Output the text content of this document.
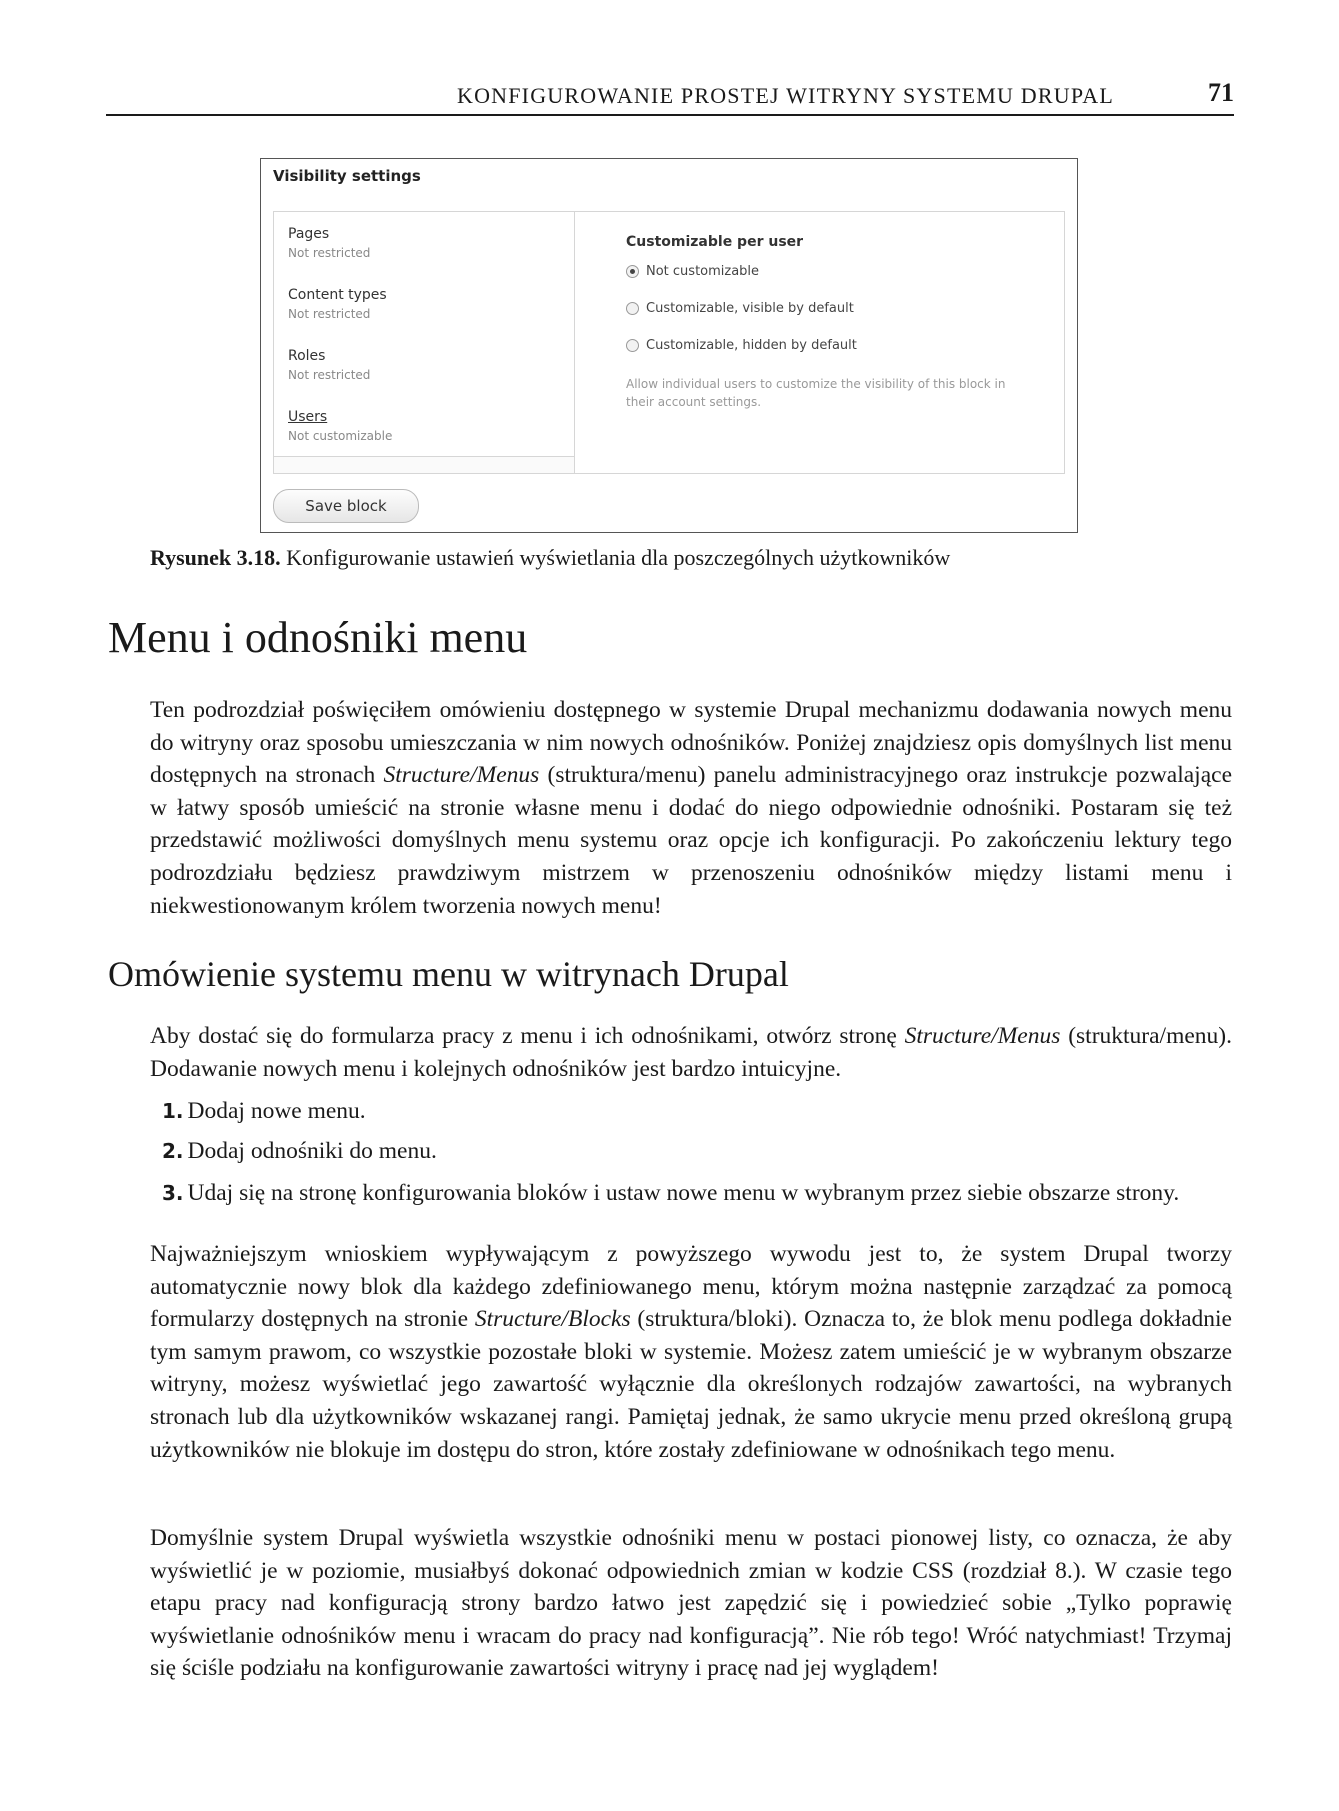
KONFIGUROWANIE PROSTEJ WITRYNY SYSTEMU DRUPAL	71
Visibility settings
Pages
Not restricted
Content types
Not restricted
Roles
Not restricted
Users
Not customizable
Customizable per user
Not customizable
Customizable, visible by default
Customizable, hidden by default
Allow individual users to customize the visibility of this block in their account settings.
Save block
Rysunek 3.18. Konfigurowanie ustawień wyświetlania dla poszczególnych użytkowników
Menu i odnośniki menu

Ten podrozdział poświęciłem omówieniu dostępnego w systemie Drupal mechanizmu dodawania nowych menu do witryny oraz sposobu umieszczania w nim nowych odnośników. Poniżej znajdziesz opis domyślnych list menu dostępnych na stronach Structure/Menus (struktura/menu) panelu administracyjnego oraz instrukcje pozwalające w łatwy sposób umieścić na stronie własne menu i dodać do niego odpowiednie odnośniki. Postaram się też przedstawić możliwości domyślnych menu systemu oraz opcje ich konfiguracji. Po zakończeniu lektury tego podrozdziału będziesz prawdziwym mistrzem w przenoszeniu odnośników między listami menu i niekwestionowanym królem tworzenia nowych menu!

Omówienie systemu menu w witrynach Drupal

Aby dostać się do formularza pracy z menu i ich odnośnikami, otwórz stronę Structure/Menus (struktura/menu). Dodawanie nowych menu i kolejnych odnośników jest bardzo intuicyjne.

1. Dodaj nowe menu.
2. Dodaj odnośniki do menu.
3. Udaj się na stronę konfigurowania bloków i ustaw nowe menu w wybranym przez siebie obszarze strony.

Najważniejszym wnioskiem wypływającym z powyższego wywodu jest to, że system Drupal tworzy automatycznie nowy blok dla każdego zdefiniowanego menu, którym można następnie zarządzać za pomocą formularzy dostępnych na stronie Structure/Blocks (struktura/bloki). Oznacza to, że blok menu podlega dokładnie tym samym prawom, co wszystkie pozostałe bloki w systemie. Możesz zatem umieścić je w wybranym obszarze witryny, możesz wyświetlać jego zawartość wyłącznie dla określonych rodzajów zawartości, na wybranych stronach lub dla użytkowników wskazanej rangi. Pamiętaj jednak, że samo ukrycie menu przed określoną grupą użytkowników nie blokuje im dostępu do stron, które zostały zdefiniowane w odnośnikach tego menu.

Domyślnie system Drupal wyświetla wszystkie odnośniki menu w postaci pionowej listy, co oznacza, że aby wyświetlić je w poziomie, musiałbyś dokonać odpowiednich zmian w kodzie CSS (rozdział 8.). W czasie tego etapu pracy nad konfiguracją strony bardzo łatwo jest zapędzić się i powiedzieć sobie „Tylko poprawię wyświetlanie odnośników menu i wracam do pracy nad konfiguracją”. Nie rób tego! Wróć natychmiast! Trzymaj się ściśle podziału na konfigurowanie zawartości witryny i pracę nad jej wyglądem!
